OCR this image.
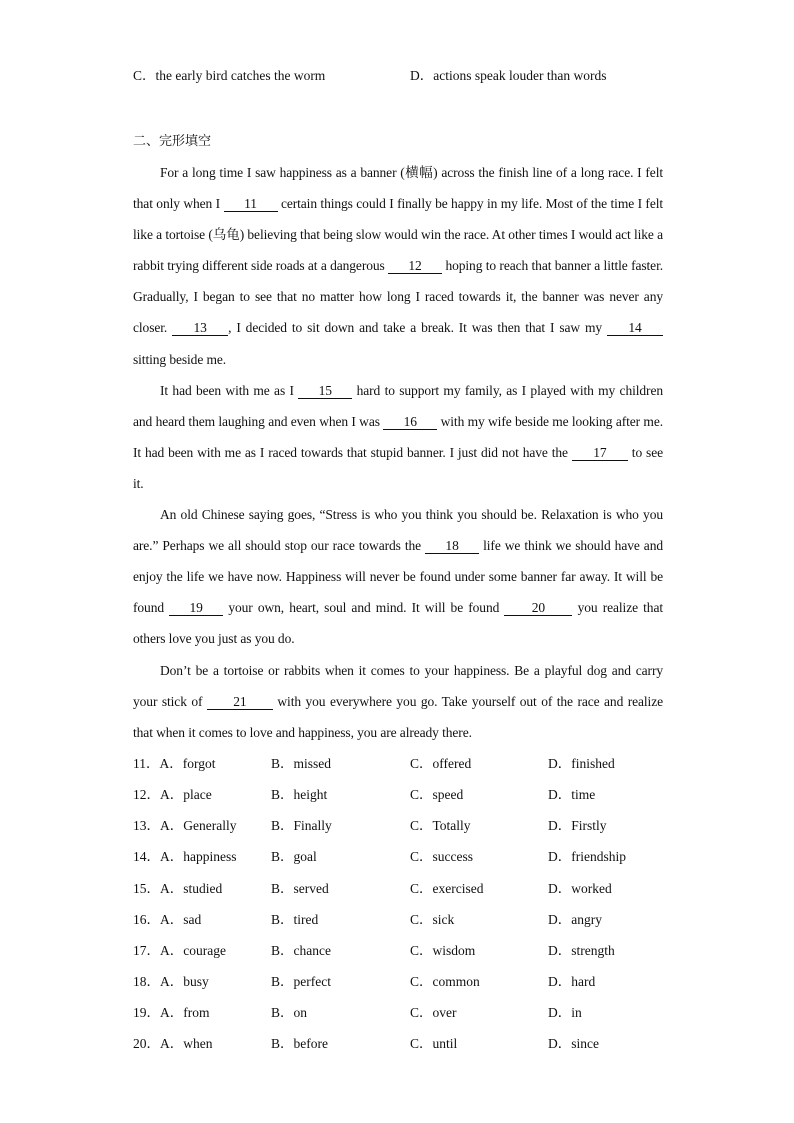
C．the early bird catches the worm	D．actions speak louder than words
二、完形填空

For a long time I saw happiness as a banner (横幅) across the finish line of a long race. I felt that only when I 11 certain things could I finally be happy in my life. Most of the time I felt like a tortoise (乌龟) believing that being slow would win the race. At other times I would act like a rabbit trying different side roads at a dangerous 12 hoping to reach that banner a little faster. Gradually, I began to see that no matter how long I raced towards it, the banner was never any closer. 13 , I decided to sit down and take a break. It was then that I saw my 14 sitting beside me.

It had been with me as I 15 hard to support my family, as I played with my children and heard them laughing and even when I was 16 with my wife beside me looking after me. It had been with me as I raced towards that stupid banner. I just did not have the 17 to see it.

An old Chinese saying goes, “Stress is who you think you should be. Relaxation is who you are.” Perhaps we all should stop our race towards the 18 life we think we should have and enjoy the life we have now. Happiness will never be found under some banner far away. It will be found 19 your own, heart, soul and mind. It will be found 20 you realize that others love you just as you do.

Don’t be a tortoise or rabbits when it comes to your happiness. Be a playful dog and carry your stick of 21 with you everywhere you go. Take yourself out of the race and realize that when it comes to love and happiness, you are already there.

11．A．forgot	B．missed	C．offered	D．finished
12．A．place	B．height	C．speed	D．time
13．A．Generally	B．Finally	C．Totally	D．Firstly
14．A．happiness	B．goal	C．success	D．friendship
15．A．studied	B．served	C．exercised	D．worked
16．A．sad	B．tired	C．sick	D．angry
17．A．courage	B．chance	C．wisdom	D．strength
18．A．busy	B．perfect	C．common	D．hard
19．A．from	B．on	C．over	D．in
20．A．when	B．before	C．until	D．since
